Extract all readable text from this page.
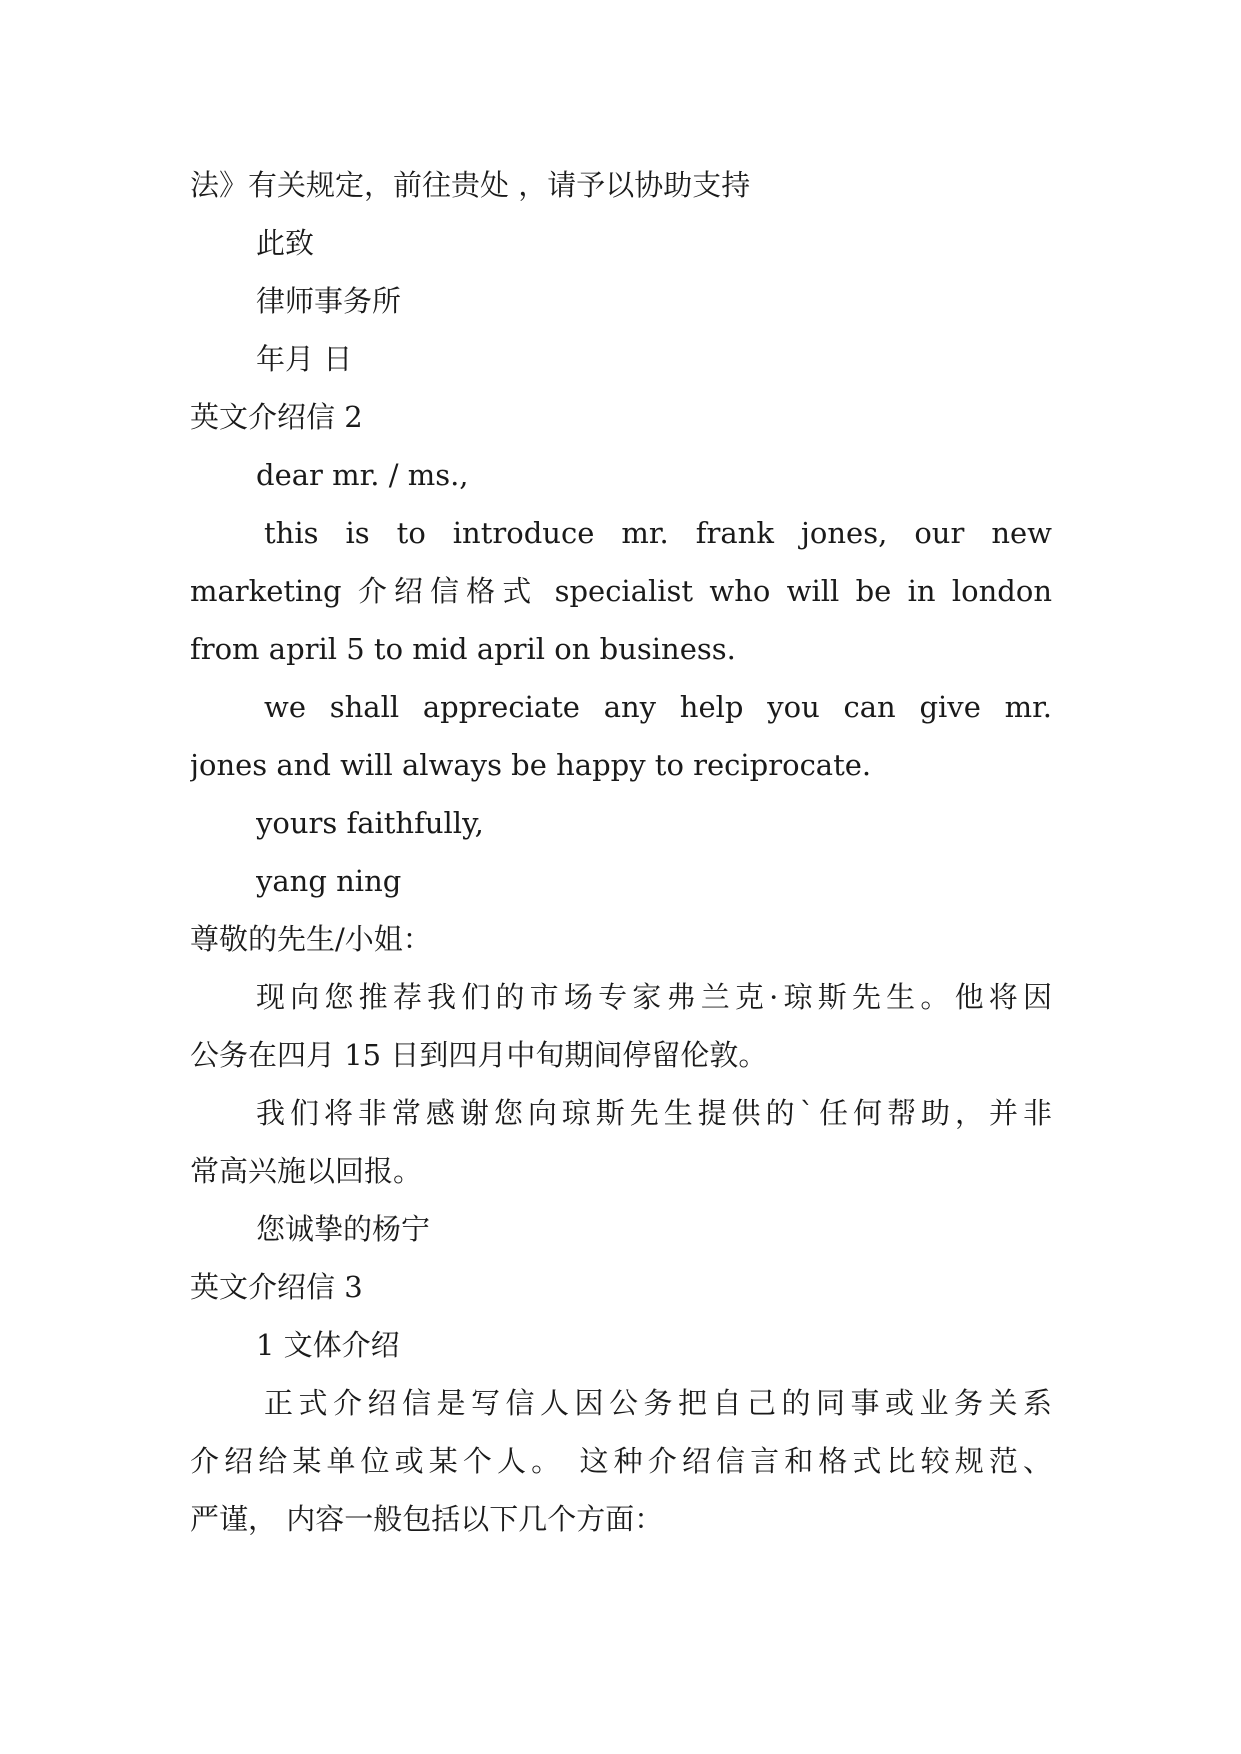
法》有关规定，前往贵处 ，请予以协助支持
此致
律师事务所
年月 日
英文介绍信 2
dear mr. / ms.,
this is to introduce mr. frank jones, our new
marketing 介绍信格式 specialist who will be in london
from april 5 to mid april on business.
we shall appreciate any help you can give mr.
jones and will always be happy to reciprocate.
yours faithfully,
yang ning
尊敬的先生/小姐：
现向您推荐我们的市场专家弗兰克·琼斯先生。他将因
公务在四月 15 日到四月中旬期间停留伦敦。
我们将非常感谢您向琼斯先生提供的`任何帮助，并非
常高兴施以回报。
您诚挚的杨宁
英文介绍信 3
1 文体介绍
正式介绍信是写信人因公务把自己的同事或业务关系
介绍给某单位或某个人。 这种介绍信言和格式比较规范、
严谨， 内容一般包括以下几个方面：
